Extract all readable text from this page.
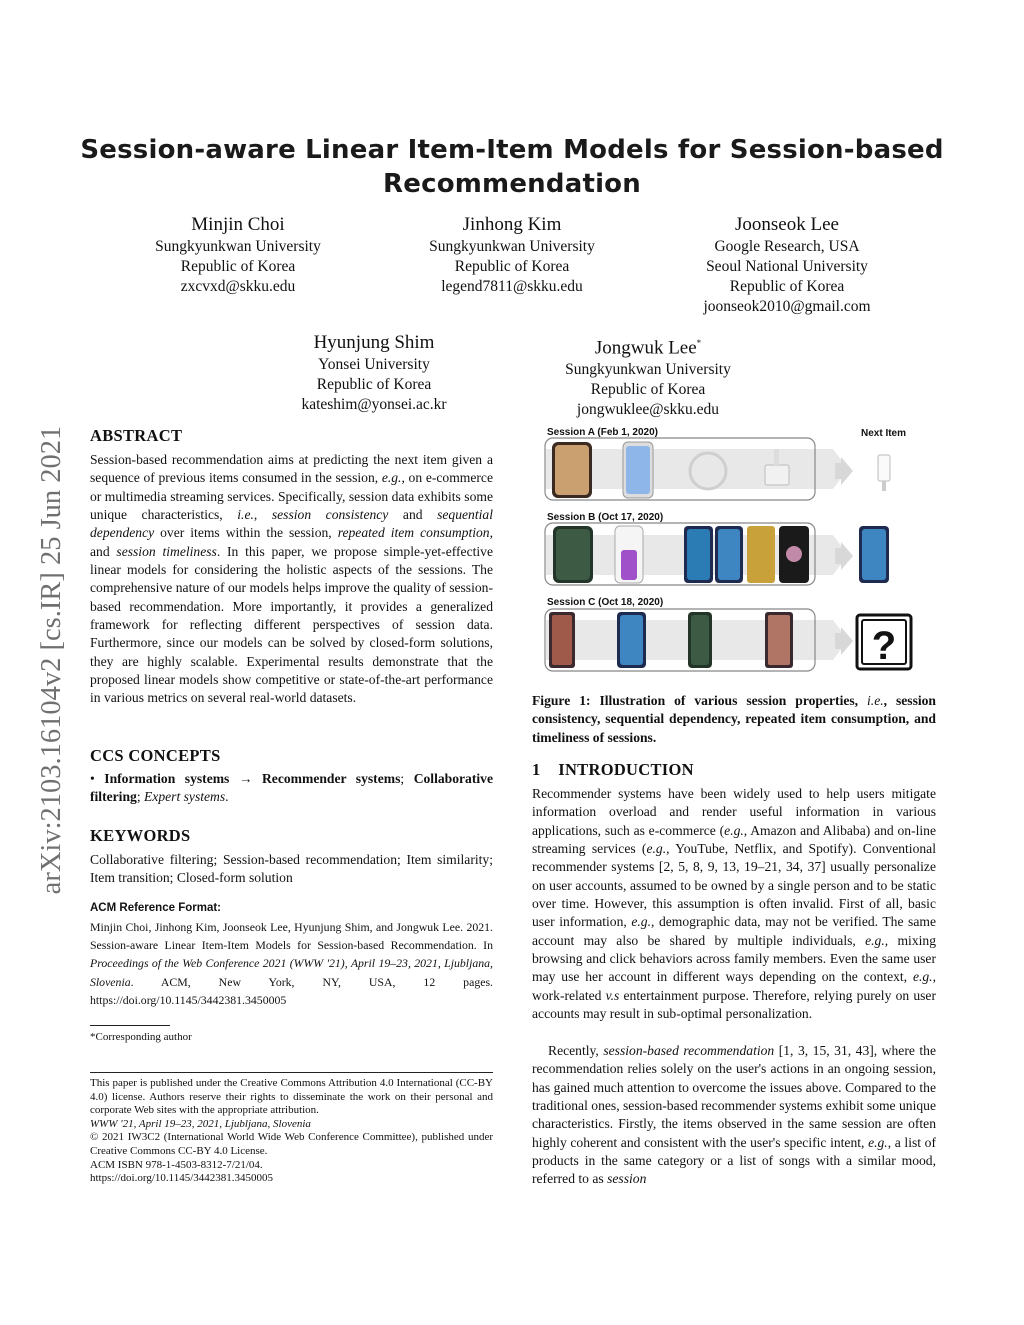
arXiv:2103.16104v2 [cs.IR] 25 Jun 2021
Session-aware Linear Item-Item Models for Session-based
Recommendation
Minjin Choi
Sungkyunkwan University
Republic of Korea
zxcvxd@skku.edu
Jinhong Kim
Sungkyunkwan University
Republic of Korea
legend7811@skku.edu
Joonseok Lee
Google Research, USA
Seoul National University
Republic of Korea
joonseok2010@gmail.com
Hyunjung Shim
Yonsei University
Republic of Korea
kateshim@yonsei.ac.kr
Jongwuk Lee*
Sungkyunkwan University
Republic of Korea
jongwuklee@skku.edu
ABSTRACT
Session-based recommendation aims at predicting the next item given a sequence of previous items consumed in the session, e.g., on e-commerce or multimedia streaming services. Specifically, session data exhibits some unique characteristics, i.e., session consistency and sequential dependency over items within the session, repeated item consumption, and session timeliness. In this paper, we propose simple-yet-effective linear models for considering the holistic aspects of the sessions. The comprehensive nature of our models helps improve the quality of session-based recommendation. More importantly, it provides a generalized framework for reflecting different perspectives of session data. Furthermore, since our models can be solved by closed-form solutions, they are highly scalable. Experimental results demonstrate that the proposed linear models show competitive or state-of-the-art performance in various metrics on several real-world datasets.
CCS CONCEPTS
• Information systems → Recommender systems; Collaborative filtering; Expert systems.
KEYWORDS
Collaborative filtering; Session-based recommendation; Item similarity; Item transition; Closed-form solution
ACM Reference Format:
Minjin Choi, Jinhong Kim, Joonseok Lee, Hyunjung Shim, and Jongwuk Lee. 2021. Session-aware Linear Item-Item Models for Session-based Recommendation. In Proceedings of the Web Conference 2021 (WWW '21), April 19–23, 2021, Ljubljana, Slovenia. ACM, New York, NY, USA, 12 pages. https://doi.org/10.1145/3442381.3450005
*Corresponding author
This paper is published under the Creative Commons Attribution 4.0 International (CC-BY 4.0) license. Authors reserve their rights to disseminate the work on their personal and corporate Web sites with the appropriate attribution.
WWW '21, April 19–23, 2021, Ljubljana, Slovenia
© 2021 IW3C2 (International World Wide Web Conference Committee), published under Creative Commons CC-BY 4.0 License.
ACM ISBN 978-1-4503-8312-7/21/04.
https://doi.org/10.1145/3442381.3450005
Session A (Feb 1, 2020)	Next Item
Session B (Oct 17, 2020)
Session C (Oct 18, 2020)
?
Figure 1: Illustration of various session properties, i.e., session consistency, sequential dependency, repeated item consumption, and timeliness of sessions.
1    INTRODUCTION
Recommender systems have been widely used to help users mitigate information overload and render useful information in various applications, such as e-commerce (e.g., Amazon and Alibaba) and on-line streaming services (e.g., YouTube, Netflix, and Spotify). Conventional recommender systems [2, 5, 8, 9, 13, 19–21, 34, 37] usually personalize on user accounts, assumed to be owned by a single person and to be static over time. However, this assumption is often invalid. First of all, basic user information, e.g., demographic data, may not be verified. The same account may also be shared by multiple individuals, e.g., mixing browsing and click behaviors across family members. Even the same user may use her account in different ways depending on the context, e.g., work-related v.s entertainment purpose. Therefore, relying purely on user accounts may result in sub-optimal personalization.
Recently, session-based recommendation [1, 3, 15, 31, 43], where the recommendation relies solely on the user's actions in an ongoing session, has gained much attention to overcome the issues above. Compared to the traditional ones, session-based recommender systems exhibit some unique characteristics. Firstly, the items observed in the same session are often highly coherent and consistent with the user's specific intent, e.g., a list of products in the same category or a list of songs with a similar mood, referred to as session
